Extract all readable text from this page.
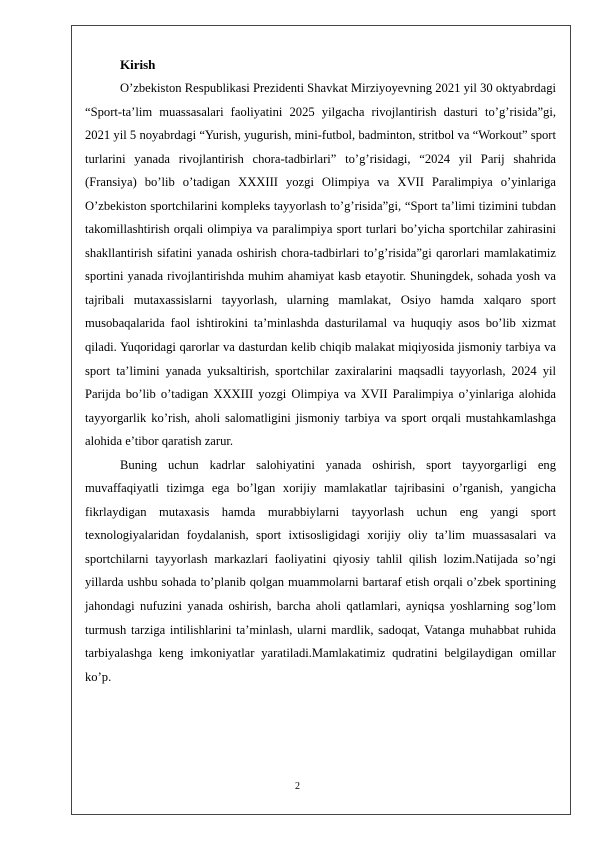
Kirish

O’zbekiston Respublikasi Prezidenti Shavkat Mirziyoyevning 2021 yil 30 oktyabrdagi “Sport-ta’lim muassasalari faoliyatini 2025 yilgacha rivojlantirish dasturi to’g’risida”gi, 2021 yil 5 noyabrdagi “Yurish, yugurish, mini-futbol, badminton, stritbol va “Workout” sport turlarini yanada rivojlantirish chora-tadbirlari” to’g’risidagi, “2024 yil Parij shahrida (Fransiya) bo’lib o’tadigan XXXIII yozgi Olimpiya va XVII Paralimpiya o’yinlariga O’zbekiston sportchilarini kompleks tayyorlash to’g’risida”gi, “Sport ta’limi tizimini tubdan takomillashtirish orqali olimpiya va paralimpiya sport turlari bo’yicha sportchilar zahirasini shakllantirish sifatini yanada oshirish chora-tadbirlari to’g’risida”gi qarorlari mamlakatimiz sportini yanada rivojlantirishda muhim ahamiyat kasb etayotir. Shuningdek, sohada yosh va tajribali mutaxassislarni tayyorlash, ularning mamlakat, Osiyo hamda xalqaro sport musobaqalarida faol ishtirokini ta’minlashda dasturilamal va huquqiy asos bo’lib xizmat qiladi. Yuqoridagi qarorlar va dasturdan kelib chiqib malakat miqiyosida jismoniy tarbiya va sport ta’limini yanada yuksaltirish, sportchilar zaxiralarini maqsadli tayyorlash, 2024 yil Parijda bo’lib o’tadigan XXXIII yozgi Olimpiya va XVII Paralimpiya o’yinlariga alohida tayyorgarlik ko’rish, aholi salomatligini jismoniy tarbiya va sport orqali mustahkamlashga alohida e’tibor qaratish zarur.

Buning uchun kadrlar salohiyatini yanada oshirish, sport tayyorgarligi eng muvaffaqiyatli tizimga ega bo’lgan xorijiy mamlakatlar tajribasini o’rganish, yangicha fikrlaydigan mutaxasis hamda murabbiylarni tayyorlash uchun eng yangi sport texnologiyalaridan foydalanish, sport ixtisosligidagi xorijiy oliy ta’lim muassasalari va sportchilarni tayyorlash markazlari faoliyatini qiyosiy tahlil qilish lozim.Natijada so’ngi yillarda ushbu sohada to’planib qolgan muammolarni bartaraf etish orqali o’zbek sportining jahondagi nufuzini yanada oshirish, barcha aholi qatlamlari, ayniqsa yoshlarning sog’lom turmush tarziga intilishlarini ta’minlash, ularni mardlik, sadoqat, Vatanga muhabbat ruhida tarbiyalashga keng imkoniyatlar yaratiladi.Mamlakatimiz qudratini belgilaydigan omillar ko’p.

2
